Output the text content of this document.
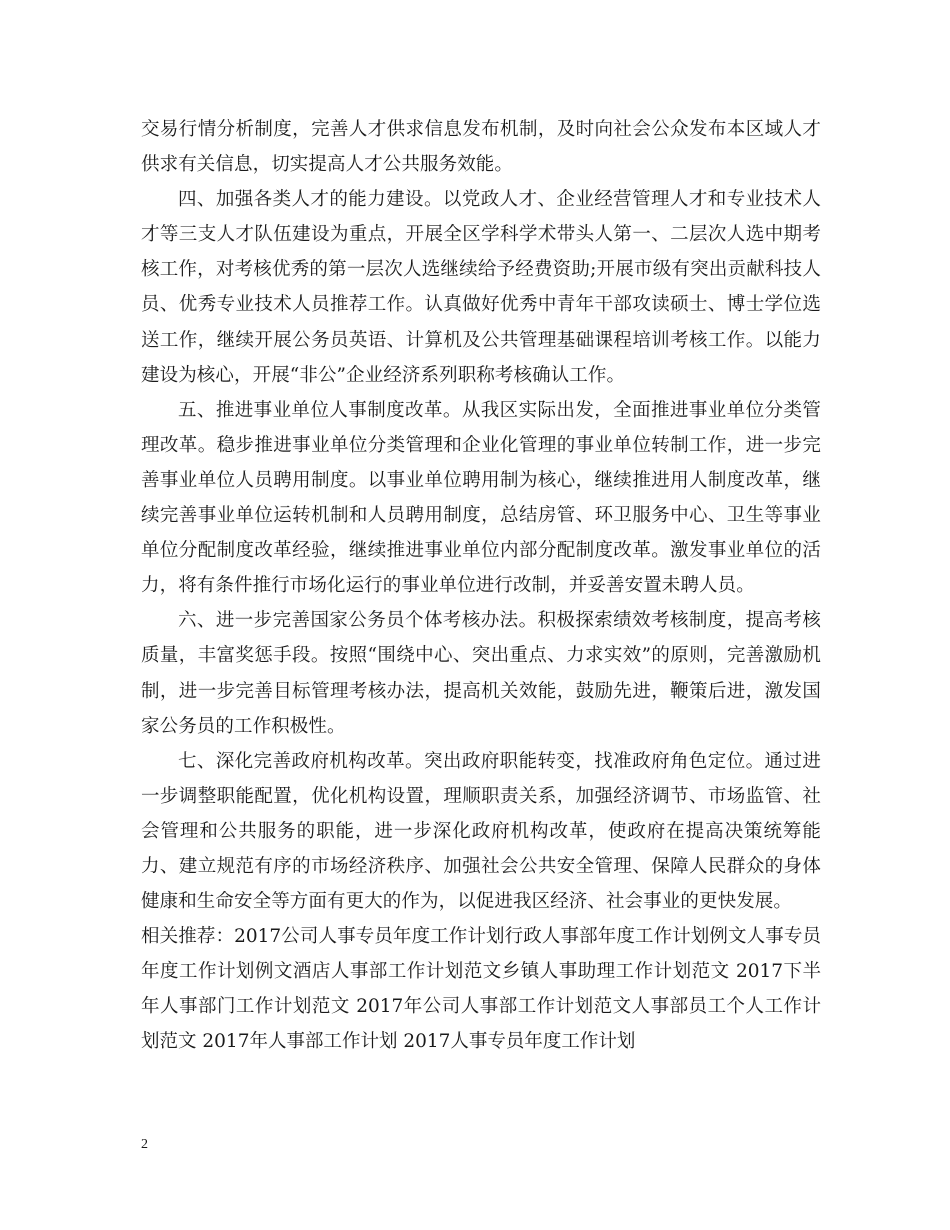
交易行情分析制度，完善人才供求信息发布机制，及时向社会公众发布本区域人才供求有关信息，切实提高人才公共服务效能。

四、加强各类人才的能力建设。以党政人才、企业经营管理人才和专业技术人才等三支人才队伍建设为重点，开展全区学科学术带头人第一、二层次人选中期考核工作，对考核优秀的第一层次人选继续给予经费资助;开展市级有突出贡献科技人员、优秀专业技术人员推荐工作。认真做好优秀中青年干部攻读硕士、博士学位选送工作，继续开展公务员英语、计算机及公共管理基础课程培训考核工作。以能力建设为核心，开展“非公”企业经济系列职称考核确认工作。

五、推进事业单位人事制度改革。从我区实际出发，全面推进事业单位分类管理改革。稳步推进事业单位分类管理和企业化管理的事业单位转制工作，进一步完善事业单位人员聘用制度。以事业单位聘用制为核心，继续推进用人制度改革，继续完善事业单位运转机制和人员聘用制度，总结房管、环卫服务中心、卫生等事业单位分配制度改革经验，继续推进事业单位内部分配制度改革。激发事业单位的活力，将有条件推行市场化运行的事业单位进行改制，并妥善安置未聘人员。

六、进一步完善国家公务员个体考核办法。积极探索绩效考核制度，提高考核质量，丰富奖惩手段。按照“围绕中心、突出重点、力求实效”的原则，完善激励机制，进一步完善目标管理考核办法，提高机关效能，鼓励先进，鞭策后进，激发国家公务员的工作积极性。

七、深化完善政府机构改革。突出政府职能转变，找准政府角色定位。通过进一步调整职能配置，优化机构设置，理顺职责关系，加强经济调节、市场监管、社会管理和公共服务的职能，进一步深化政府机构改革，使政府在提高决策统筹能力、建立规范有序的市场经济秩序、加强社会公共安全管理、保障人民群众的身体健康和生命安全等方面有更大的作为，以促进我区经济、社会事业的更快发展。

相关推荐：2017公司人事专员年度工作计划行政人事部年度工作计划例文人事专员年度工作计划例文酒店人事部工作计划范文乡镇人事助理工作计划范文 2017下半年人事部门工作计划范文 2017年公司人事部工作计划范文人事部员工个人工作计划范文 2017年人事部工作计划 2017人事专员年度工作计划

2
